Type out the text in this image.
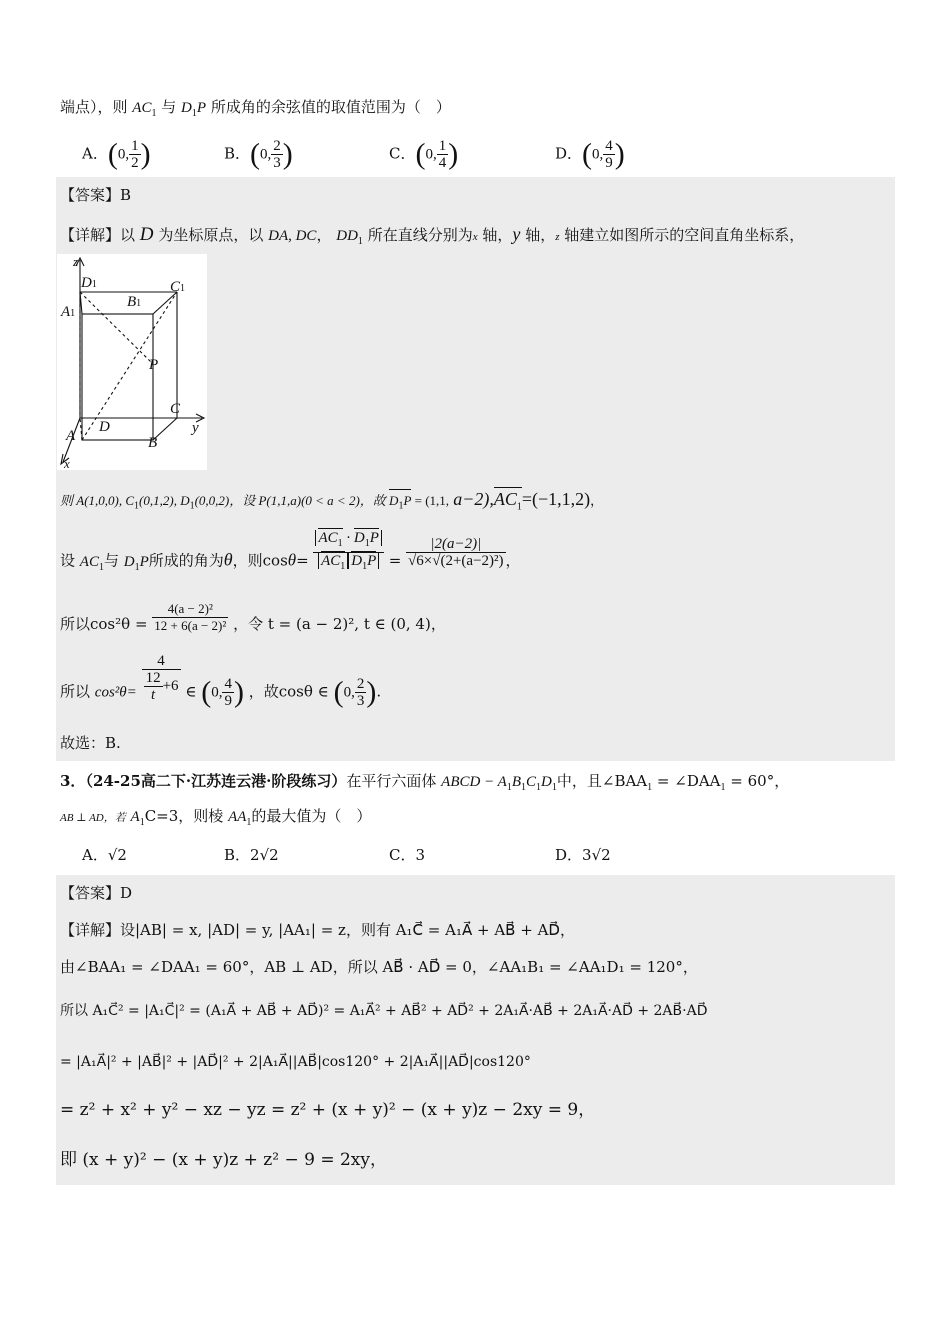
端点），则 $AC_1$ 与 $D_1P$ 所成角的余弦值的取值范围为（　）
A．(0, $\frac{1}{2}$ )	B．(0, $\frac{2}{3}$ )	C．(0, $\frac{1}{4}$ )	D．(0, $\frac{4}{9}$ )
【答案】B
【详解】以 D 为坐标原点，以 DA, DC， $DD_1$ 所在直线分别为x 轴，y 轴，z 轴建立如图所示的空间直角坐标系，
z
D1	C1
B1
A1
P
C
y
A
D
B
x
则 A(1,0,0), $C_1(0,1,2)$, $D_1(0,0,2)$，设 P(1,1,a)(0 < a < 2)，故 $D_1P = (1,1$, $a-2),AC_1=(-1,1,2)$，
设 $AC_1$与 $D_1P$所成的角为θ，则$\cos\theta= \frac{AC_1 \cdot D_1P}{AC_1 D_1P} = \frac{|2(a-2)|}{\text{√6×√(2+(a−2)²)}}$ ，
所以$\cos^2\theta = \frac{\text{4(a − 2)²}}{\text{12 + 6(a − 2)²}}$ ，令 t = (a − 2)², t ∈ (0, 4)，
所以 $\cos^2\theta= \frac{4}{\frac{12}{t} +6}$ ∈ (0, $\frac{4}{9}$ ) ，故cosθ ∈ (0, $\frac{2}{3}$ ).
故选：B.
3．（24-25高二下·江苏连云港·阶段练习）在平行六面体 ABCD − $A_1B_1C_1D_1$中，且$\angle BAA_1$ = $\angle DAA_1 = 60^\circ$，
AB ⊥ AD，若 $A_1C=3$，则棱 $AA_1$的最大值为（　）
A．√2	B．2√2	C．3	D．3√2
【答案】D
【详解】设|AB| = x, |AD| = y, |AA₁| = z，则有 A₁C⃗ = A₁A⃗ + AB⃗ + AD⃗，
由∠BAA₁ = ∠DAA₁ = 60°，AB ⊥ AD，所以 AB⃗ · AD⃗ = 0，∠AA₁B₁ = ∠AA₁D₁ = 120°，
所以 A₁C⃗² = |A₁C⃗|² = (A₁A⃗ + AB⃗ + AD⃗)² = A₁A⃗² + AB⃗² + AD⃗² + 2A₁A⃗·AB⃗ + 2A₁A⃗·AD⃗ + 2AB⃗·AD⃗
= |A₁A⃗|² + |AB⃗|² + |AD⃗|² + 2|A₁A⃗||AB⃗|cos120° + 2|A₁A⃗||AD⃗|cos120°
= z² + x² + y² − xz − yz = z² + (x + y)² − (x + y)z − 2xy = 9，
即 (x + y)² − (x + y)z + z² − 9 = 2xy，
